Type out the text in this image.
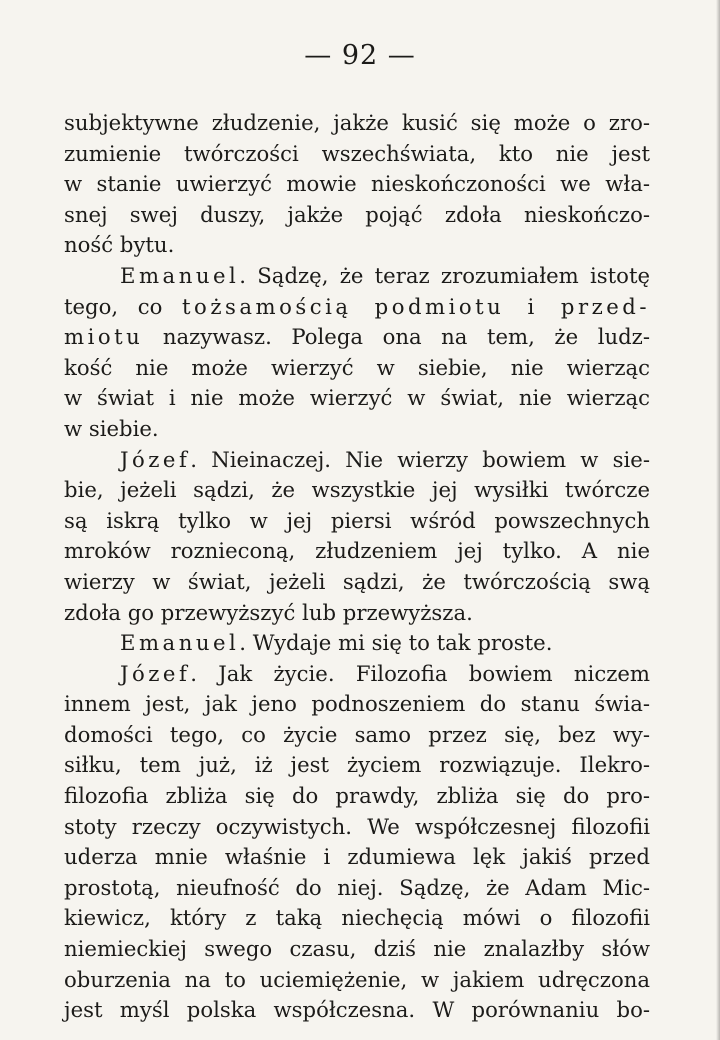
— 92 —
subjektywne złudzenie, jakże kusić się może o zro-
zumienie twórczości wszechświata, kto nie jest
w stanie uwierzyć mowie nieskończoności we wła-
snej swej duszy, jakże pojąć zdoła nieskończo-
ność bytu.
Emanuel. Sądzę, że teraz zrozumiałem istotę
tego, co tożsamością podmiotu i przed-
miotu nazywasz. Polega ona na tem, że ludz-
kość nie może wierzyć w siebie, nie wierząc
w świat i nie może wierzyć w świat, nie wierząc
w siebie.
Józef. Nieinaczej. Nie wierzy bowiem w sie-
bie, jeżeli sądzi, że wszystkie jej wysiłki twórcze
są iskrą tylko w jej piersi wśród powszechnych
mroków roznieconą, złudzeniem jej tylko. A nie
wierzy w świat, jeżeli sądzi, że twórczością swą
zdoła go przewyższyć lub przewyższa.
Emanuel. Wydaje mi się to tak proste.
Józef. Jak życie. Filozofia bowiem niczem
innem jest, jak jeno podnoszeniem do stanu świa-
domości tego, co życie samo przez się, bez wy-
siłku, tem już, iż jest życiem rozwiązuje. Ilekro-
filozofia zbliża się do prawdy, zbliża się do pro-
stoty rzeczy oczywistych. We współczesnej filozofii
uderza mnie właśnie i zdumiewa lęk jakiś przed
prostotą, nieufność do niej. Sądzę, że Adam Mic-
kiewicz, który z taką niechęcią mówi o filozofii
niemieckiej swego czasu, dziś nie znalazłby słów
oburzenia na to uciemiężenie, w jakiem udręczona
jest myśl polska współczesna. W porównaniu bo-
